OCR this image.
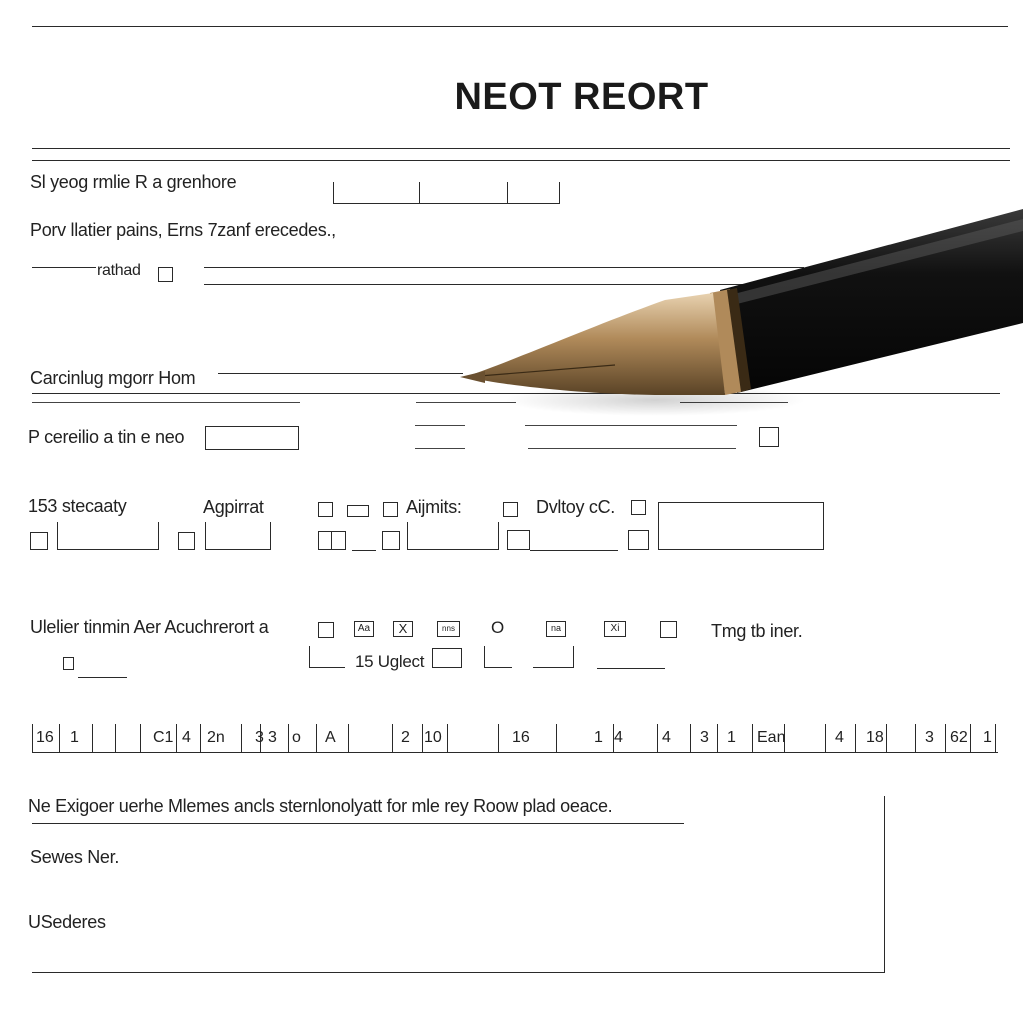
NEOT REORT
Sl yeog rmlie R a grenhore
Porv llatier pains, Erns 7zanf erecedes.,
rathad
Carcinlug mgorr Hom
P cereilio a tin e neo
153 stecaaty	Agpirrat	Aijmits:	Dvltoy cC.
Ulelier tinmin Aer Acuchrerort a	Aa	X	nns O	na	Xi	Tmg tb iner.
15 Uglect
Ne Exigoer uerhe Mlemes ancls sternlonolyatt for mle rey Roow plad oeace.
Sewes Ner.
USederes
16 1	C1 4 2n 3 3 o A	2 10	16	1 4 4 3 1 Ean	4 18	3 62 1
